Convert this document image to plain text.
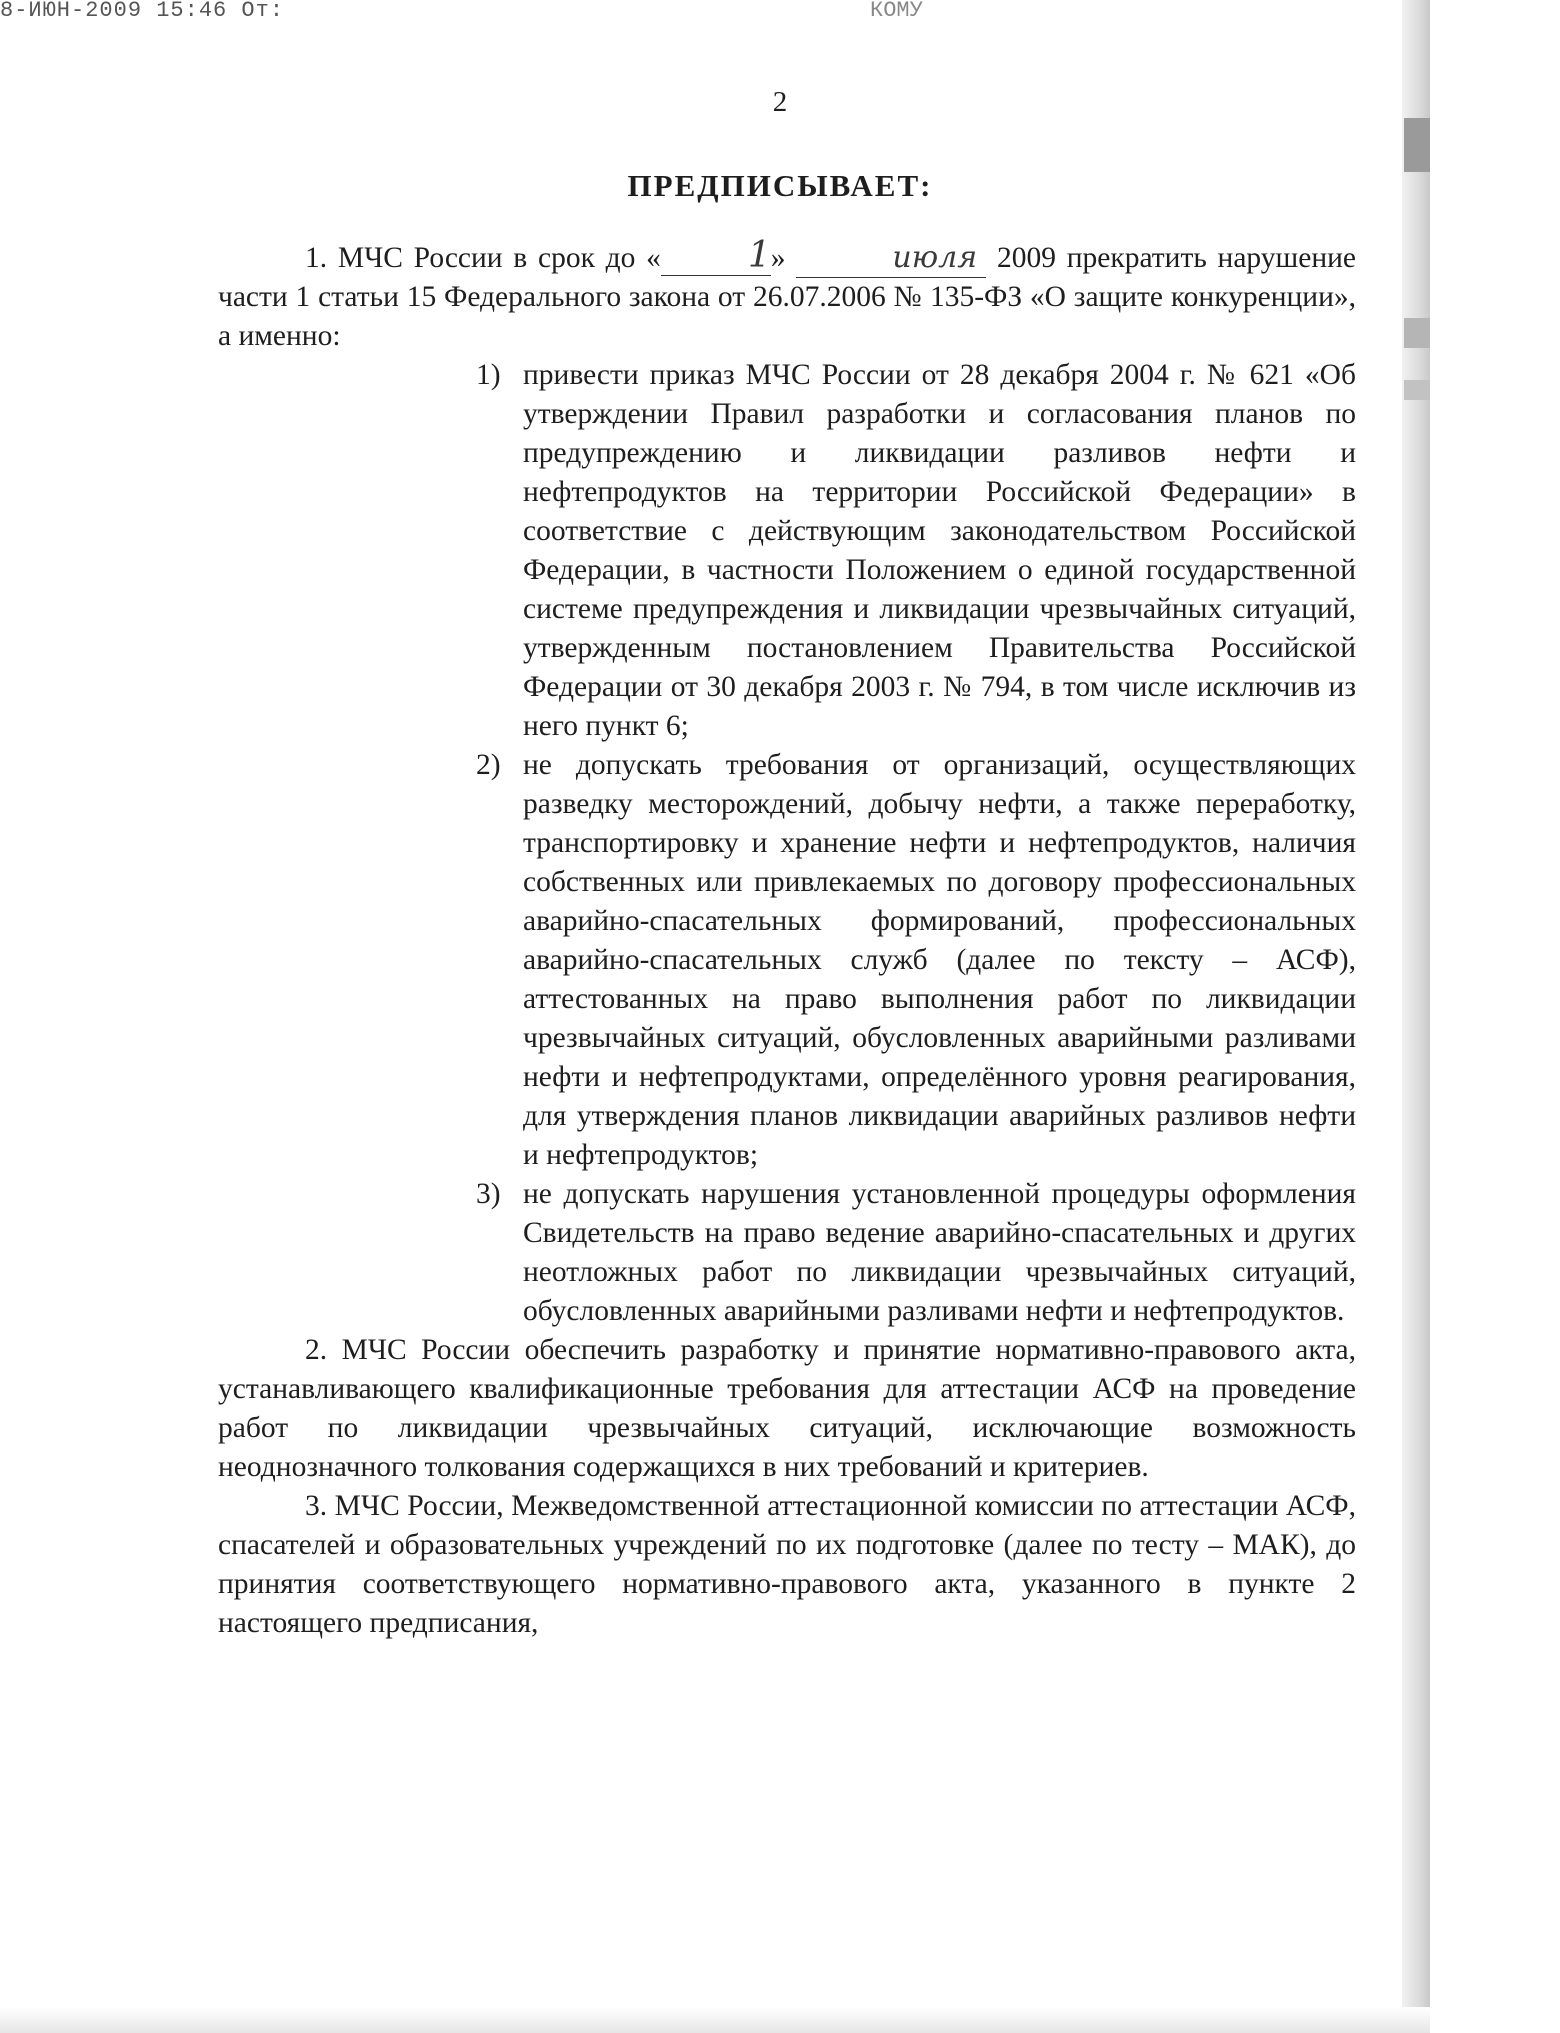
8-ИЮН-2009 15:46 От:	КОМУ
2
ПРЕДПИСЫВАЕТ:

1. МЧС России в срок до « 1»	июля 2009 прекратить нарушение части 1 статьи 15 Федерального закона от 26.07.2006 № 135-ФЗ «О защите конкуренции», а именно:

1) привести приказ МЧС России от 28 декабря 2004 г. № 621 «Об утверждении Правил разработки и согласования планов по предупреждению и ликвидации разливов нефти и нефтепродуктов на территории Российской Федерации» в соответствие с действующим законодательством Российской Федерации, в частности Положением о единой государственной системе предупреждения и ликвидации чрезвычайных ситуаций, утвержденным постановлением Правительства Российской Федерации от 30 декабря 2003 г. № 794, в том числе исключив из него пункт 6;
2) не допускать требования от организаций, осуществляющих разведку месторождений, добычу нефти, а также переработку, транспортировку и хранение нефти и нефтепродуктов, наличия собственных или привлекаемых по договору профессиональных аварийно-спасательных формирований, профессиональных аварийно-спасательных служб (далее по тексту – АСФ), аттестованных на право выполнения работ по ликвидации чрезвычайных ситуаций, обусловленных аварийными разливами нефти и нефтепродуктами, определённого уровня реагирования, для утверждения планов ликвидации аварийных разливов нефти и нефтепродуктов;
3) не допускать нарушения установленной процедуры оформления Свидетельств на право ведение аварийно-спасательных и других неотложных работ по ликвидации чрезвычайных ситуаций, обусловленных аварийными разливами нефти и нефтепродуктов.

2. МЧС России обеспечить разработку и принятие нормативно-правового акта, устанавливающего квалификационные требования для аттестации АСФ на проведение работ по ликвидации чрезвычайных ситуаций, исключающие возможность неоднозначного толкования содержащихся в них требований и критериев.

3. МЧС России, Межведомственной аттестационной комиссии по аттестации АСФ, спасателей и образовательных учреждений по их подготовке (далее по тесту – МАК), до принятия соответствующего нормативно-правового акта, указанного в пункте 2 настоящего предписания,
